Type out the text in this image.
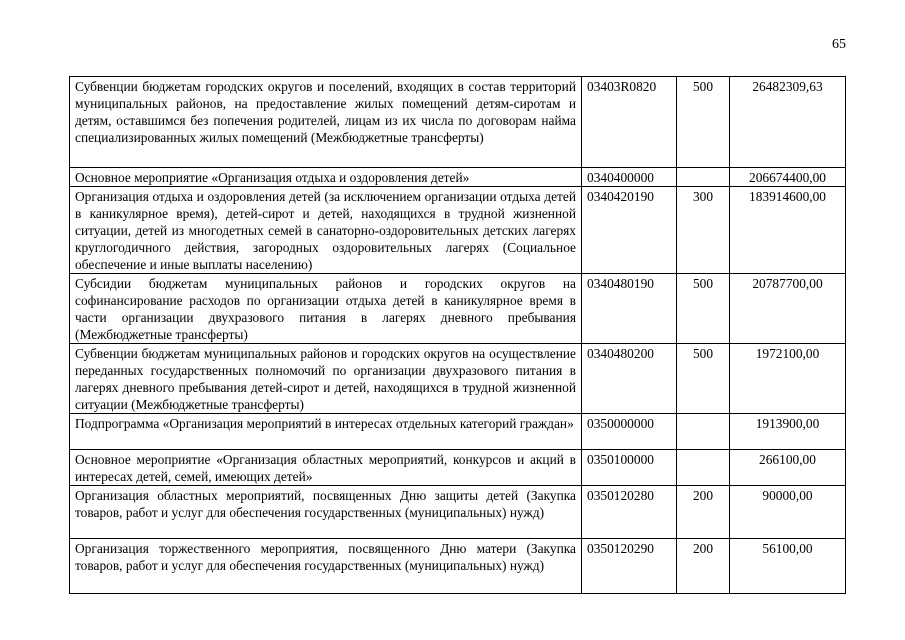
65
Субвенции бюджетам городских округов и поселений, входящих в состав территорий муниципальных районов, на предоставление жилых помещений детям-сиротам и детям, оставшимся без попечения родителей, лицам из их числа по договорам найма специализированных жилых помещений (Межбюджетные трансферты)	03403R0820	500	26482309,63
Основное мероприятие «Организация отдыха и оздоровления детей»	0340400000		206674400,00
Организация отдыха и оздоровления детей (за исключением организации отдыха детей в каникулярное время), детей-сирот и детей, находящихся в трудной жизненной ситуации, детей из многодетных семей в санаторно-оздоровительных детских лагерях круглогодичного действия, загородных оздоровительных лагерях (Социальное обеспечение и иные выплаты населению)	0340420190	300	183914600,00
Субсидии бюджетам муниципальных районов и городских округов на софинансирование расходов по организации отдыха детей в каникулярное время в части организации двухразового питания в лагерях дневного пребывания (Межбюджетные трансферты)	0340480190	500	20787700,00
Субвенции бюджетам муниципальных районов и городских округов на осуществление переданных государственных полномочий по организации двухразового питания в лагерях дневного пребывания детей-сирот и детей, находящихся в трудной жизненной ситуации (Межбюджетные трансферты)	0340480200	500	1972100,00
Подпрограмма «Организация мероприятий в интересах отдельных категорий граждан»	0350000000		1913900,00
Основное мероприятие «Организация областных мероприятий, конкурсов и акций в интересах детей, семей, имеющих детей»	0350100000		266100,00
Организация областных мероприятий, посвященных Дню защиты детей (Закупка товаров, работ и услуг для обеспечения государственных (муниципальных) нужд)	0350120280	200	90000,00
Организация торжественного мероприятия, посвященного Дню матери (Закупка товаров, работ и услуг для обеспечения государственных (муниципальных) нужд)	0350120290	200	56100,00
